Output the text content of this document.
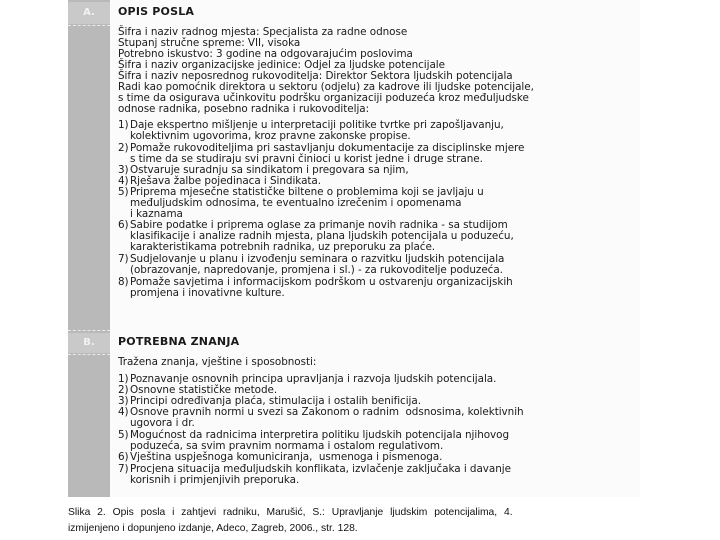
A.
B.
OPIS POSLA
Šifra i naziv radnog mjesta: Specjalista za radne odnose
Stupanj stručne spreme: VII, visoka
Potrebno iskustvo: 3 godine na odgovarajućim poslovima
Šifra i naziv organizacijske jedinice: Odjel za ljudske potencijale
Šifra i naziv neposrednog rukovoditelja: Direktor Sektora ljudskih potencijala
Radi kao pomoćnik direktora u sektoru (odjelu) za kadrove ili ljudske potencijale,
s time da osigurava učinkovitu podršku organizaciji poduzeća kroz međuljudske
odnose radnika, posebno radnika i rukovoditelja:
1) Daje ekspertno mišljenje u interpretaciji politike tvrtke pri zapošljavanju,
kolektivnim ugovorima, kroz pravne zakonske propise.
2) Pomaže rukovoditeljima pri sastavljanju dokumentacije za disciplinske mjere
s time da se studiraju svi pravni činioci u korist jedne i druge strane.
3) Ostvaruje suradnju sa sindikatom i pregovara sa njim,
4) Rješava žalbe pojedinaca i Sindikata.
5) Priprema mjesečne statističke biltene o problemima koji se javljaju u
međuljudskim odnosima, te eventualno izrečenim i opomenama
i kaznama
6) Sabire podatke i priprema oglase za primanje novih radnika - sa studijom
klasifikacije i analize radnih mjesta, plana ljudskih potencijala u poduzeću,
karakteristikama potrebnih radnika, uz preporuku za plaće.
7) Sudjelovanje u planu i izvođenju seminara o razvitku ljudskih potencijala
(obrazovanje, napredovanje, promjena i sl.) - za rukovoditelje poduzeća.
8) Pomaže savjetima i informacijskom podrškom u ostvarenju organizacijskih
promjena i inovativne kulture.
POTREBNA ZNANJA
Tražena znanja, vještine i sposobnosti:
1) Poznavanje osnovnih principa upravljanja i razvoja ljudskih potencijala.
2) Osnovne statističke metode.
3) Principi određivanja plaća, stimulacija i ostalih benificija.
4) Osnove pravnih normi u svezi sa Zakonom o radnim  odsnosima, kolektivnih
ugovora i dr.
5) Mogućnost da radnicima interpretira politiku ljudskih potencijala njihovog
poduzeća, sa svim pravnim normama i ostalom regulativom.
6) Vještina uspješnoga komuniciranja,  usmenoga i pismenoga.
7) Procjena situacija međuljudskih konflikata, izvlačenje zaključaka i davanje
korisnih i primjenjivih preporuka.
Slika 2. Opis posla i zahtjevi radniku, Marušić, S.: Upravljanje ljudskim potencijalima, 4.
izmijenjeno i dopunjeno izdanje, Adeco, Zagreb, 2006., str. 128.
